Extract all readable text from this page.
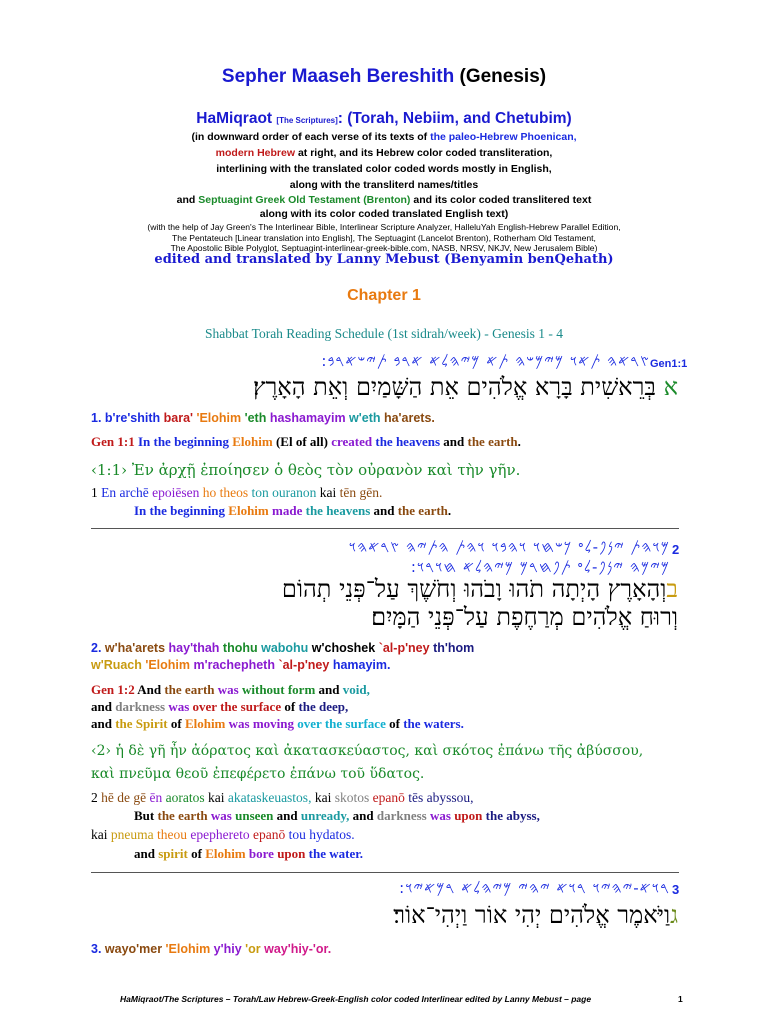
Sepher Maaseh Bereshith (Genesis)
HaMiqraot [The Scriptures]: (Torah, Nebiim, and Chetubim)
(in downward order of each verse of its texts of the paleo-Hebrew Phoenican,
modern Hebrew at right, and its Hebrew color coded transliteration,
interlining with the translated color coded words mostly in English,
along with the transliterd names/titles
and Septuagint Greek Old Testament (Brenton) and its color coded translitered text
along with its color coded translated English text)
(with the help of Jay Green's The Interlinear Bible, Interlinear Scripture Analyzer, HalleluYah English-Hebrew Parallel Edition,
The Pentateuch [Linear translation into English], The Septuagint (Lancelot Brenton), Rotherham Old Testament,
The Apostolic Bible Polyglot, Septuagint-interlinear-greek-bible.com, NASB, NRSV, NKJV, New Jerusalem Bible)
edited and translated by Lanny Mebust (Benyamin benQehath)
Chapter 1
Shabbat Torah Reading Schedule (1st sidrah/week) - Genesis 1 - 4
:𐤑𐤓𐤀𐤄 𐤕𐤀𐤅 𐤌𐤉𐤌𐤔𐤄 𐤕𐤀 𐤌𐤉𐤄𐤋𐤀 𐤀𐤓𐤁 𐤕𐤉𐤔𐤀𐤓𐤁 Gen1:1
א בְּרֵאשִׁית בָּרָא אֱלֹהִים אֵת הַשָּׁמַיִם וְאֵת הָאָרֶץ׃
1. b're'shith bara' 'Elohim 'eth hashamayim w'eth ha'arets.
Gen 1:1 In the beginning Elohim (El of all) created the heavens and the earth.
‹1:1› Ἐν ἀρχῇ ἐποίησεν ὁ θεὸς τὸν οὐρανὸν καὶ τὴν γῆν.
1 En archē epoiēsen ho theos ton ouranon kai tēn gēn.
In the beginning Elohim made the heavens and the earth.
𐤌𐤅𐤄𐤕 𐤉𐤍𐤐-𐤋𐤏 𐤊𐤔𐤇𐤅 𐤅𐤄𐤁𐤅 𐤅𐤄𐤕 𐤄𐤕𐤉𐤄 𐤑𐤓𐤀𐤄𐤅 2
:𐤌𐤉𐤌𐤄 𐤉𐤍𐤐-𐤋𐤏 𐤕𐤐𐤇𐤓𐤌 𐤌𐤉𐤄𐤋𐤀 𐤇𐤅𐤓𐤅
בוְהָאָרֶץ הָיְתָה תֹהוּ וָבֹהוּ וְחֹשֶׁךְ עַל־פְּנֵי תְהוֹם
וְרוּחַ אֱלֹהִים מְרַחֶפֶת עַל־פְּנֵי הַמָּיִם׃
2. w'ha'arets hay'thah thohu wabohu w'choshek `al-p'ney th'hom
w'Ruach 'Elohim m'rachepheth `al-p'ney hamayim.
Gen 1:2 And the earth was without form and void,
and darkness was over the surface of the deep,
and the Spirit of Elohim was moving over the surface of the waters.
‹2› ἡ δὲ γῆ ἦν ἀόρατος καὶ ἀκατασκεύαστος, καὶ σκότος ἐπάνω τῆς ἀβύσσου,
καὶ πνεῦμα θεοῦ ἐπεφέρετο ἐπάνω τοῦ ὕδατος.
2 hē de gē ēn aoratos kai akataskeuastos, kai skotos epanō tēs abyssou,
But the earth was unseen and unready, and darkness was upon the abyss,
kai pneuma theou epephereto epanō tou hydatos.
and spirit of Elohim bore upon the water.
:𐤓𐤅𐤀-𐤉𐤄𐤉𐤅 𐤓𐤅𐤀 𐤉𐤄𐤉 𐤌𐤉𐤄𐤋𐤀 𐤓𐤌𐤀𐤉𐤅 3
גוַיֹּאמֶר אֱלֹהִים יְהִי אוֹר וַיְהִי־אוֹר׃
3. wayo'mer 'Elohim y'hiy 'or way'hiy-'or.
HaMiqraot/The Scriptures – Torah/Law Hebrew-Greek-English color coded Interlinear edited by Lanny Mebust – page	1
